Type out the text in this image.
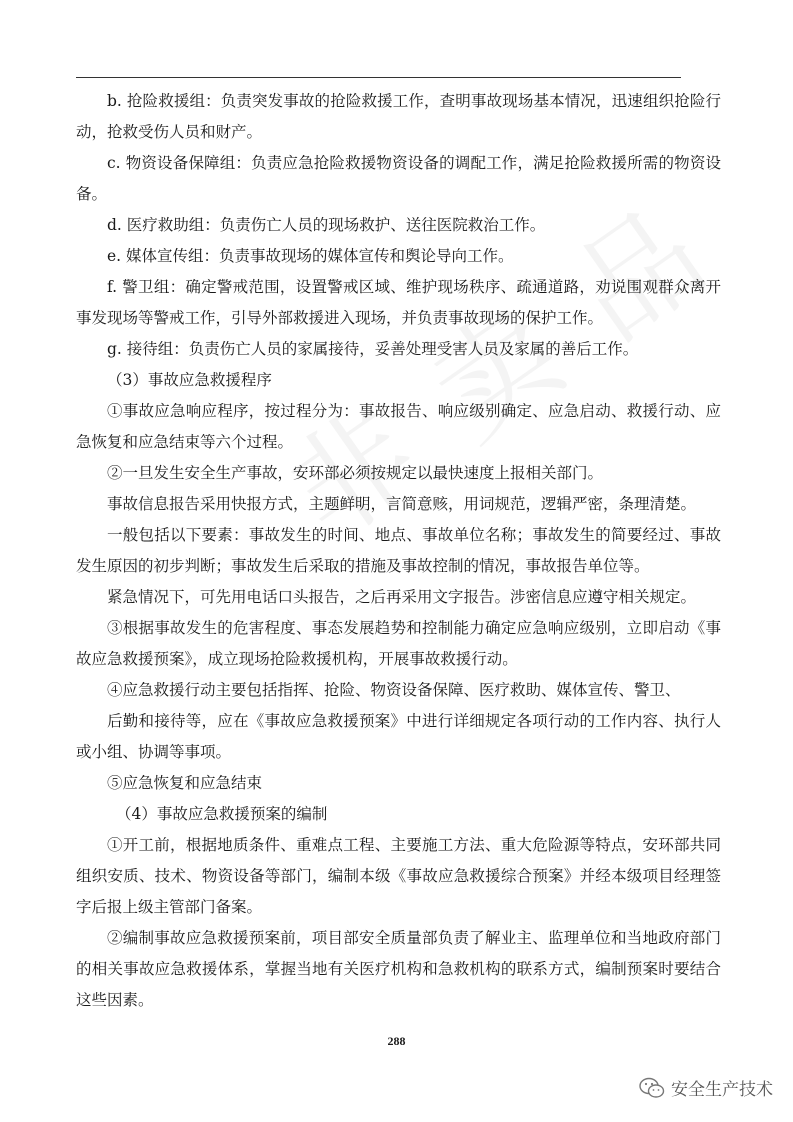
b. 抢险救援组：负责突发事故的抢险救援工作，查明事故现场基本情况，迅速组织抢险行动，抢救受伤人员和财产。

c. 物资设备保障组：负责应急抢险救援物资设备的调配工作，满足抢险救援所需的物资设备。

d. 医疗救助组：负责伤亡人员的现场救护、送往医院救治工作。

e. 媒体宣传组：负责事故现场的媒体宣传和舆论导向工作。

f. 警卫组：确定警戒范围，设置警戒区域、维护现场秩序、疏通道路，劝说围观群众离开事发现场等警戒工作，引导外部救援进入现场，并负责事故现场的保护工作。

g. 接待组：负责伤亡人员的家属接待，妥善处理受害人员及家属的善后工作。

（3）事故应急救援程序

①事故应急响应程序，按过程分为：事故报告、响应级别确定、应急启动、救援行动、应急恢复和应急结束等六个过程。

②一旦发生安全生产事故，安环部必须按规定以最快速度上报相关部门。

事故信息报告采用快报方式，主题鲜明，言简意赅，用词规范，逻辑严密，条理清楚。

一般包括以下要素：事故发生的时间、地点、事故单位名称；事故发生的简要经过、事故发生原因的初步判断；事故发生后采取的措施及事故控制的情况，事故报告单位等。

紧急情况下，可先用电话口头报告，之后再采用文字报告。涉密信息应遵守相关规定。

③根据事故发生的危害程度、事态发展趋势和控制能力确定应急响应级别，立即启动《事故应急救援预案》，成立现场抢险救援机构，开展事故救援行动。

④应急救援行动主要包括指挥、抢险、物资设备保障、医疗救助、媒体宣传、警卫、

后勤和接待等，应在《事故应急救援预案》中进行详细规定各项行动的工作内容、执行人或小组、协调等事项。

⑤应急恢复和应急结束

（4）事故应急救援预案的编制

①开工前，根据地质条件、重难点工程、主要施工方法、重大危险源等特点，安环部共同组织安质、技术、物资设备等部门，编制本级《事故应急救援综合预案》并经本级项目经理签字后报上级主管部门备案。

②编制事故应急救援预案前，项目部安全质量部负责了解业主、监理单位和当地政府部门的相关事故应急救援体系，掌握当地有关医疗机构和急救机构的联系方式，编制预案时要结合这些因素。

288
安全生产技术
